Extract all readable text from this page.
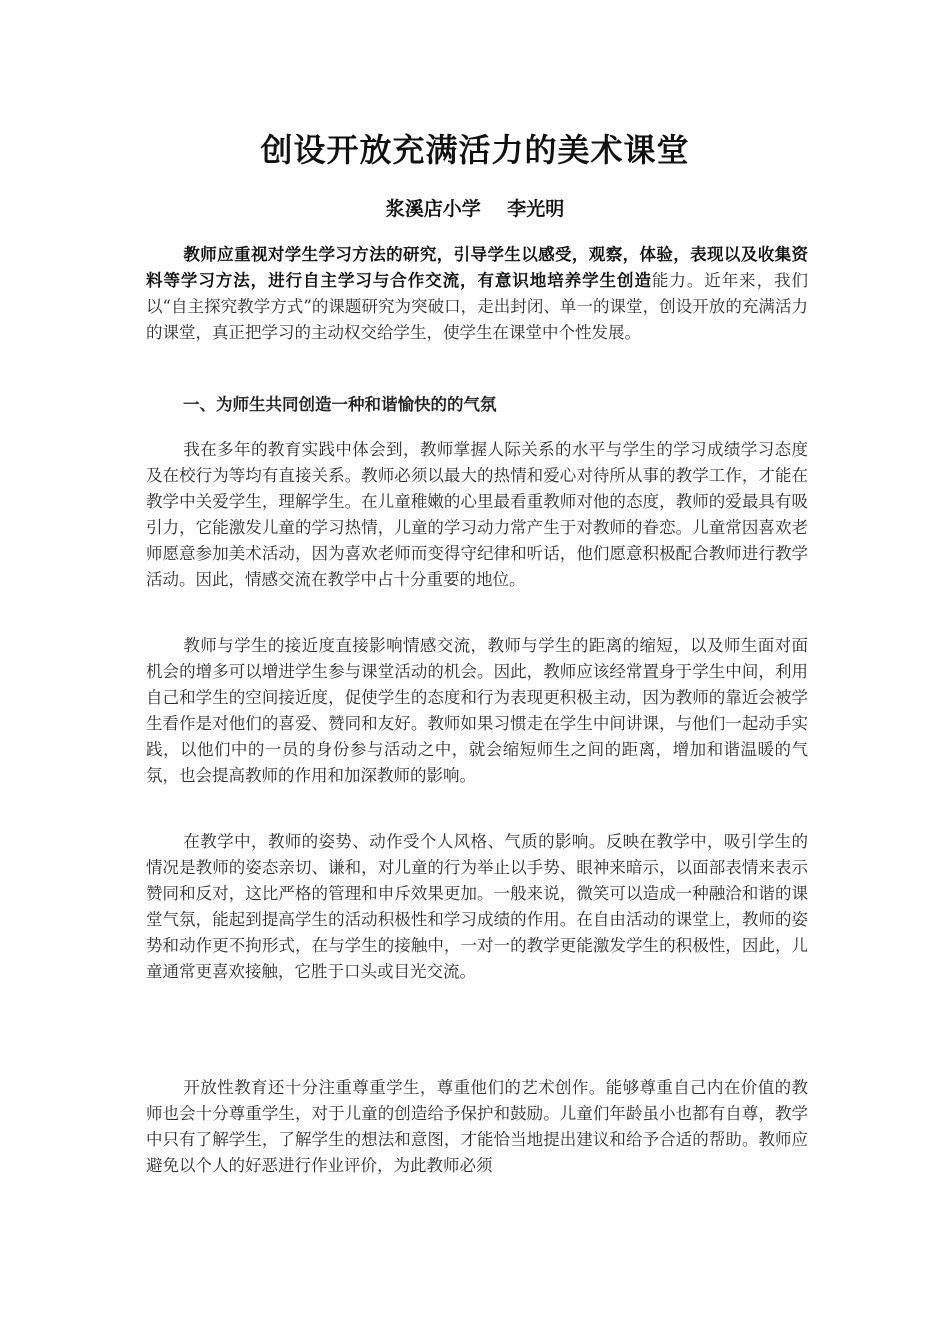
创设开放充满活力的美术课堂
浆溪店小学    李光明
教师应重视对学生学习方法的研究，引导学生以感受，观察，体验，表现以及收集资料等学习方法，进行自主学习与合作交流，有意识地培养学生创造能力。近年来，我们以“自主探究教学方式”的课题研究为突破口，走出封闭、单一的课堂，创设开放的充满活力的课堂，真正把学习的主动权交给学生，使学生在课堂中个性发展。
一、为师生共同创造一种和谐愉快的的气氛
我在多年的教育实践中体会到，教师掌握人际关系的水平与学生的学习成绩学习态度及在校行为等均有直接关系。教师必须以最大的热情和爱心对待所从事的教学工作，才能在教学中关爱学生，理解学生。在儿童稚嫩的心里最看重教师对他的态度，教师的爱最具有吸引力，它能激发儿童的学习热情，儿童的学习动力常产生于对教师的眷恋。儿童常因喜欢老师愿意参加美术活动，因为喜欢老师而变得守纪律和听话，他们愿意积极配合教师进行教学活动。因此，情感交流在教学中占十分重要的地位。
教师与学生的接近度直接影响情感交流，教师与学生的距离的缩短，以及师生面对面机会的增多可以增进学生参与课堂活动的机会。因此，教师应该经常置身于学生中间，利用自己和学生的空间接近度，促使学生的态度和行为表现更积极主动，因为教师的靠近会被学生看作是对他们的喜爱、赞同和友好。教师如果习惯走在学生中间讲课，与他们一起动手实践，以他们中的一员的身份参与活动之中，就会缩短师生之间的距离，增加和谐温暖的气氛，也会提高教师的作用和加深教师的影响。
在教学中，教师的姿势、动作受个人风格、气质的影响。反映在教学中，吸引学生的情况是教师的姿态亲切、谦和，对儿童的行为举止以手势、眼神来暗示，以面部表情来表示赞同和反对，这比严格的管理和申斥效果更加。一般来说，微笑可以造成一种融洽和谐的课堂气氛，能起到提高学生的活动积极性和学习成绩的作用。在自由活动的课堂上，教师的姿势和动作更不拘形式，在与学生的接触中，一对一的教学更能激发学生的积极性，因此，儿童通常更喜欢接触，它胜于口头或目光交流。
开放性教育还十分注重尊重学生，尊重他们的艺术创作。能够尊重自己内在价值的教师也会十分尊重学生，对于儿童的创造给予保护和鼓励。儿童们年龄虽小也都有自尊，教学中只有了解学生，了解学生的想法和意图，才能恰当地提出建议和给予合适的帮助。教师应避免以个人的好恶进行作业评价，为此教师必须
